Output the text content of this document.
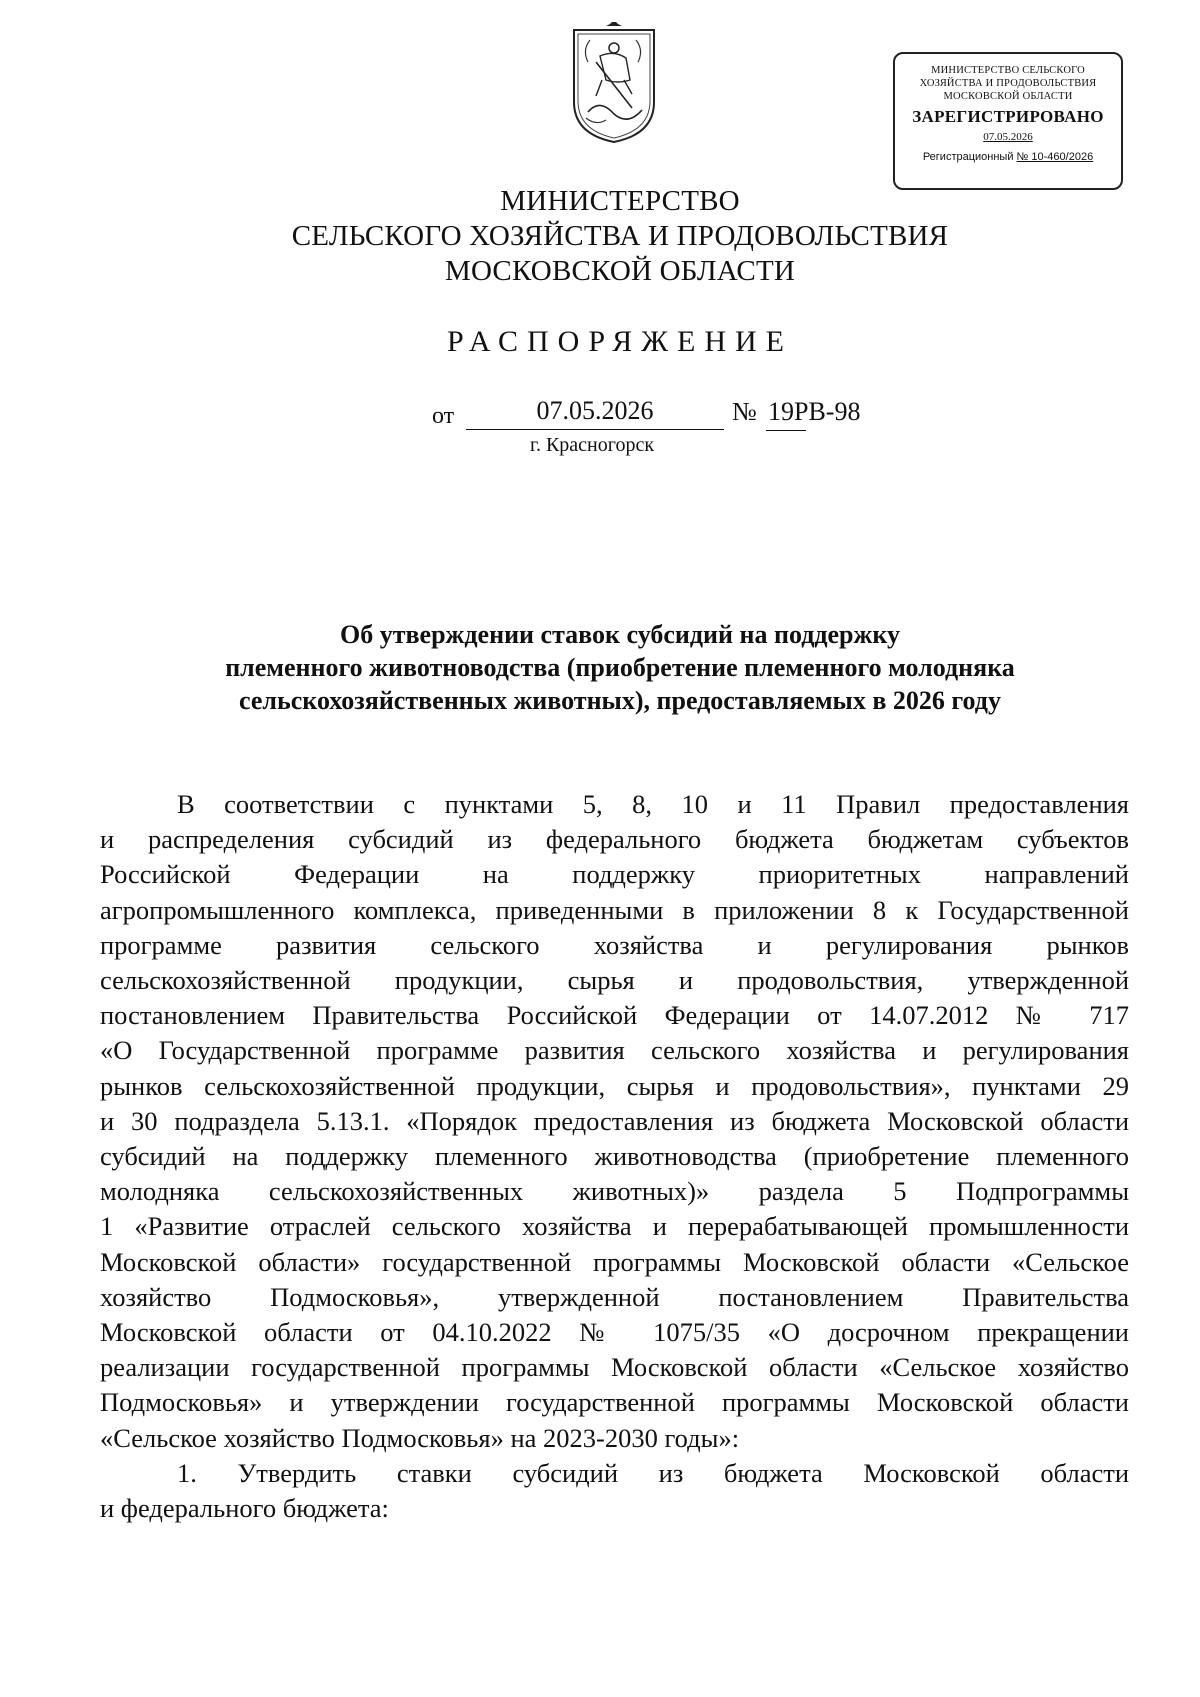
МИНИСТЕРСТВО СЕЛЬСКОГО
ХОЗЯЙСТВА И ПРОДОВОЛЬСТВИЯ
МОСКОВСКОЙ ОБЛАСТИ
ЗАРЕГИСТРИРОВАНО
07.05.2026
Регистрационный № 10-460/2026
МИНИСТЕРСТВО
СЕЛЬСКОГО ХОЗЯЙСТВА И ПРОДОВОЛЬСТВИЯ
МОСКОВСКОЙ ОБЛАСТИ
РАСПОРЯЖЕНИЕ
от	07.05.2026	№ 19РВ-98
г. Красногорск
Об утверждении ставок субсидий на поддержку
племенного животноводства (приобретение племенного молодняка
сельскохозяйственных животных), предоставляемых в 2026 году
В соответствии с пунктами 5, 8, 10 и 11 Правил предоставления
и распределения субсидий из федерального бюджета бюджетам субъектов
Российской Федерации на поддержку приоритетных направлений
агропромышленного комплекса, приведенными в приложении 8 к Государственной
программе развития сельского хозяйства и регулирования рынков
сельскохозяйственной продукции, сырья и продовольствия, утвержденной
постановлением Правительства Российской Федерации от 14.07.2012 № 717
«О Государственной программе развития сельского хозяйства и регулирования
рынков сельскохозяйственной продукции, сырья и продовольствия», пунктами 29
и 30 подраздела 5.13.1. «Порядок предоставления из бюджета Московской области
субсидий на поддержку племенного животноводства (приобретение племенного
молодняка сельскохозяйственных животных)» раздела 5 Подпрограммы
1 «Развитие отраслей сельского хозяйства и перерабатывающей промышленности
Московской области» государственной программы Московской области «Сельское
хозяйство Подмосковья», утвержденной постановлением Правительства
Московской области от 04.10.2022 № 1075/35 «О досрочном прекращении
реализации государственной программы Московской области «Сельское хозяйство
Подмосковья» и утверждении государственной программы Московской области
«Сельское хозяйство Подмосковья» на 2023-2030 годы»:
1. Утвердить ставки субсидий из бюджета Московской области
и федерального бюджета:
